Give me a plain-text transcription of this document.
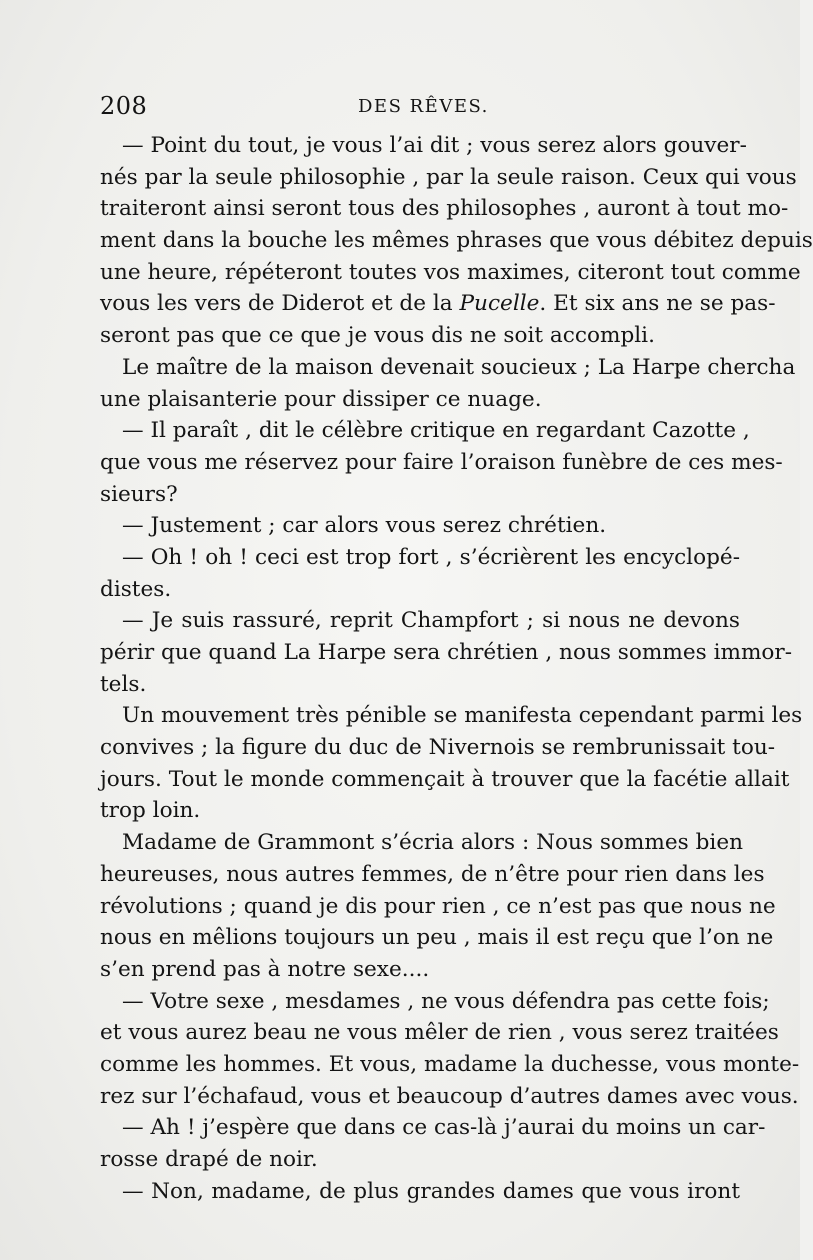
208	DES RÊVES.
— Point du tout, je vous l’ai dit ; vous serez alors gouver-
nés par la seule philosophie , par la seule raison. Ceux qui vous
traiteront ainsi seront tous des philosophes , auront à tout mo-
ment dans la bouche les mêmes phrases que vous débitez depuis
une heure, répéteront toutes vos maximes, citeront tout comme
vous les vers de Diderot et de la Pucelle. Et six ans ne se pas-
seront pas que ce que je vous dis ne soit accompli.
Le maître de la maison devenait soucieux ; La Harpe chercha
une plaisanterie pour dissiper ce nuage.
— Il paraît , dit le célèbre critique en regardant Cazotte ,
que vous me réservez pour faire l’oraison funèbre de ces mes-
sieurs?
— Justement ; car alors vous serez chrétien.
— Oh ! oh ! ceci est trop fort , s’écrièrent les encyclopé-
distes.
— Je suis rassuré, reprit Champfort ; si nous ne devons
périr que quand La Harpe sera chrétien , nous sommes immor-
tels.
Un mouvement très pénible se manifesta cependant parmi les
convives ; la figure du duc de Nivernois se rembrunissait tou-
jours. Tout le monde commençait à trouver que la facétie allait
trop loin.
Madame de Grammont s’écria alors : Nous sommes bien
heureuses, nous autres femmes, de n’être pour rien dans les
révolutions ; quand je dis pour rien , ce n’est pas que nous ne
nous en mêlions toujours un peu , mais il est reçu que l’on ne
s’en prend pas à notre sexe....
— Votre sexe , mesdames , ne vous défendra pas cette fois;
et vous aurez beau ne vous mêler de rien , vous serez traitées
comme les hommes. Et vous, madame la duchesse, vous monte-
rez sur l’échafaud, vous et beaucoup d’autres dames avec vous.
— Ah ! j’espère que dans ce cas-là j’aurai du moins un car-
rosse drapé de noir.
— Non, madame, de plus grandes dames que vous iront
